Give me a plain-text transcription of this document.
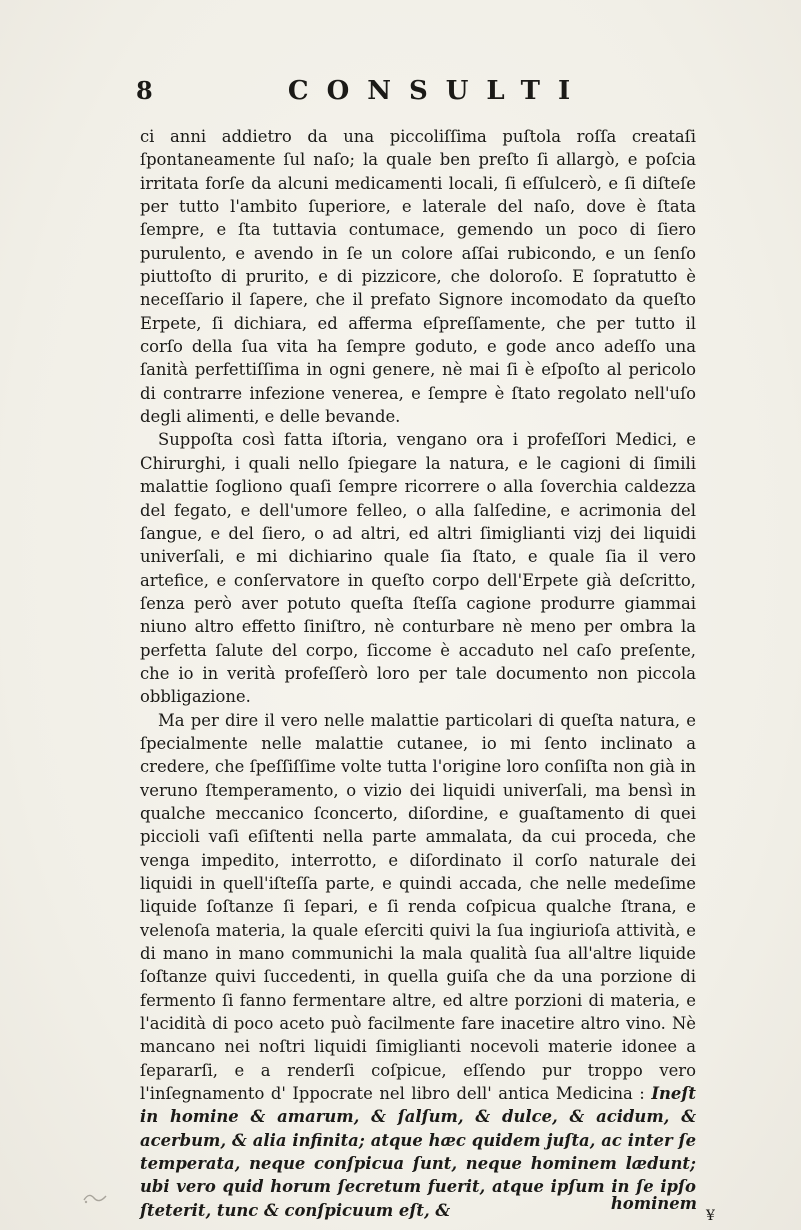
8	CONSULTI

ci anni addietro da una piccoliſſima puſtola roſſa creataſi ſpontaneamente ſul naſo; la quale ben preſto ſi allargò, e poſcia irritata forſe da alcuni medicamenti locali, ſi eſſulcerò, e ſi diſteſe per tutto l'ambito ſuperiore, e laterale del naſo, dove è ſtata ſempre, e ſta tuttavia contumace, gemendo un poco di ſiero purulento, e avendo in ſe un colore aſſai rubicondo, e un ſenſo piuttoſto di prurito, e di pizzicore, che doloroſo. E ſopratutto è neceſſario il ſapere, che il prefato Signore incomodato da queſto Erpete, ſi dichiara, ed afferma eſpreſſamente, che per tutto il corſo della ſua vita ha ſempre goduto, e gode anco adeſſo una ſanità perfettiſſima in ogni genere, nè mai ſi è eſpoſto al pericolo di contrarre infezione venerea, e ſempre è ſtato regolato nell'uſo degli alimenti, e delle bevande.

Suppoſta così fatta iſtoria, vengano ora i profeſſori Medici, e Chirurghi, i quali nello ſpiegare la natura, e le cagioni di ſimili malattie ſogliono quaſi ſempre ricorrere o alla ſoverchia caldezza del fegato, e dell'umore felleo, o alla ſalſedine, e acrimonia del ſangue, e del ſiero, o ad altri, ed altri ſimiglianti vizj dei liquidi univerſali, e mi dichiarino quale ſia ſtato, e quale ſia il vero artefice, e conſervatore in queſto corpo dell'Erpete già deſcritto, ſenza però aver potuto queſta ſteſſa cagione produrre giammai niuno altro effetto ſiniſtro, nè conturbare nè meno per ombra la perfetta ſalute del corpo, ſiccome è accaduto nel caſo preſente, che io in verità profeſſerò loro per tale documento non piccola obbligazione.

Ma per dire il vero nelle malattie particolari di queſta natura, e ſpecialmente nelle malattie cutanee, io mi ſento inclinato a credere, che ſpeſſiſſime volte tutta l'origine loro conſiſta non già in veruno ſtemperamento, o vizio dei liquidi univerſali, ma bensì in qualche meccanico ſconcerto, diſordine, e guaſtamento di quei piccioli vaſi eſiſtenti nella parte ammalata, da cui proceda, che venga impedito, interrotto, e diſordinato il corſo naturale dei liquidi in quell'iſteſſa parte, e quindi accada, che nelle medeſime liquide ſoſtanze ſi ſepari, e ſi renda coſpicua qualche ſtrana, e velenoſa materia, la quale eſerciti quivi la ſua ingiurioſa attività, e di mano in mano communichi la mala qualità ſua all'altre liquide ſoſtanze quivi ſuccedenti, in quella guiſa che da una porzione di fermento ſi fanno fermentare altre, ed altre porzioni di materia, e l'acidità di poco aceto può facilmente fare inacetire altro vino. Nè mancano nei noſtri liquidi ſimiglianti nocevoli materie idonee a ſepararſi, e a renderſi coſpicue, eſſendo pur troppo vero l'inſegnamento d' Ippocrate nel libro dell' antica Medicina : Ineſt in homine & amarum, & ſalſum, & dulce, & acidum, & acerbum, & alia infinita; atque hæc quidem juſta, ac inter ſe temperata, neque conſpicua ſunt, neque hominem lædunt; ubi vero quid horum ſecretum fuerit, atque ipſum in ſe ipſo ſteterit, tunc & conſpicuum eſt, &	hominem
¥
